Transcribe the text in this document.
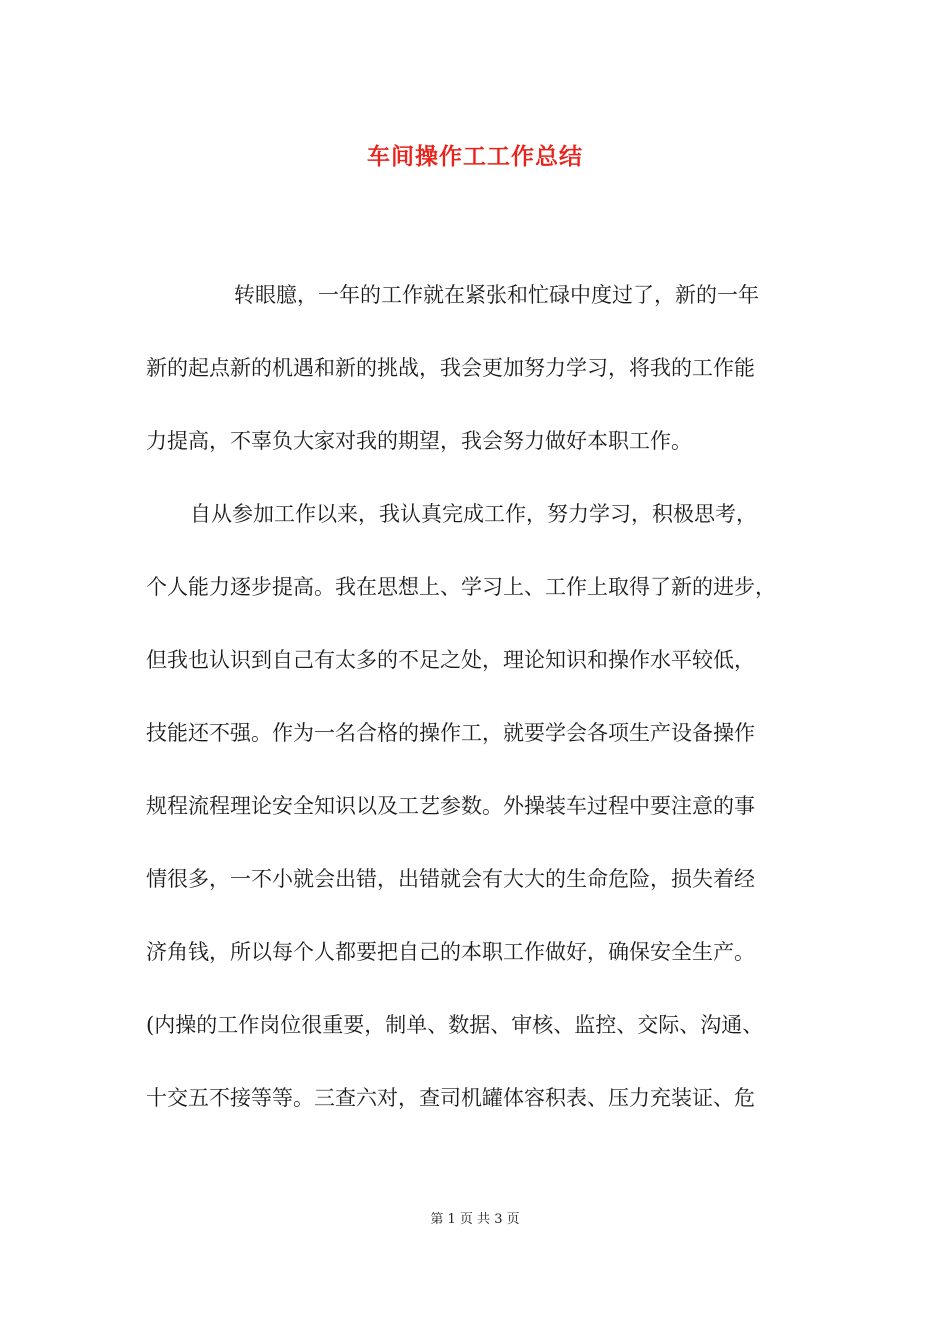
车间操作工工作总结

转眼臆，一年的工作就在紧张和忙碌中度过了，新的一年

新的起点新的机遇和新的挑战，我会更加努力学习，将我的工作能

力提高，不辜负大家对我的期望，我会努力做好本职工作。

自从参加工作以来，我认真完成工作，努力学习，积极思考，

个人能力逐步提高。我在思想上、学习上、工作上取得了新的进步，

但我也认识到自己有太多的不足之处，理论知识和操作水平较低，

技能还不强。作为一名合格的操作工，就要学会各项生产设备操作

规程流程理论安全知识以及工艺参数。外操装车过程中要注意的事

情很多，一不小就会出错，出错就会有大大的生命危险，损失着经

济角钱，所以每个人都要把自己的本职工作做好，确保安全生产。

(内操的工作岗位很重要，制单、数据、审核、监控、交际、沟通、

十交五不接等等。三查六对，查司机罐体容积表、压力充装证、危

第 1 页 共 3 页
